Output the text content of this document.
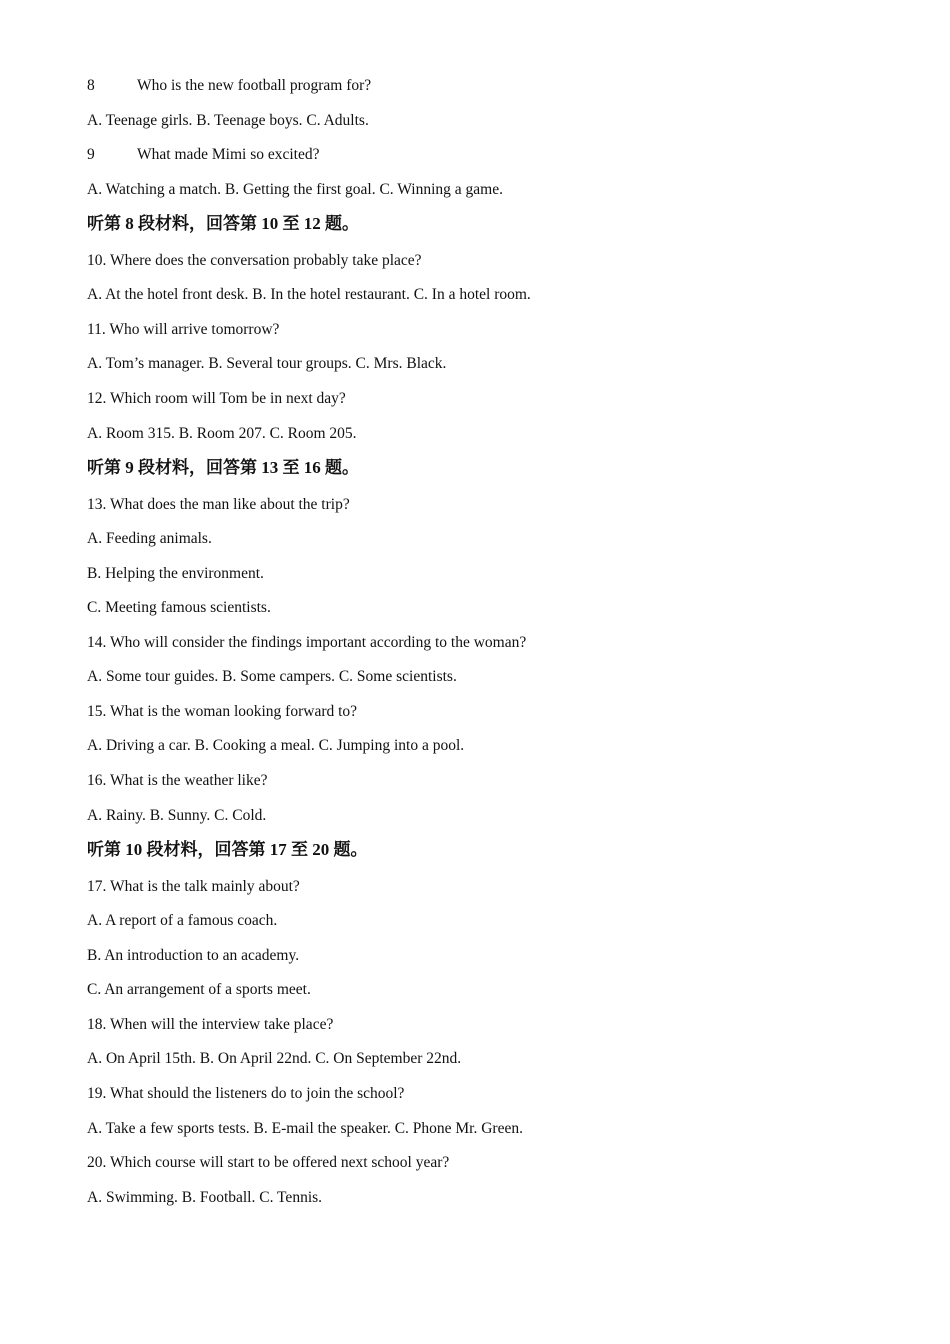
8	Who is the new football program for?
A. Teenage girls. B. Teenage boys. C. Adults.
9	What made Mimi so excited?
A. Watching a match. B. Getting the first goal. C. Winning a game.
听第 8 段材料，回答第 10 至 12 题。
10. Where does the conversation probably take place?
A. At the hotel front desk. B. In the hotel restaurant. C. In a hotel room.
11. Who will arrive tomorrow?
A. Tom’s manager. B. Several tour groups. C. Mrs. Black.
12. Which room will Tom be in next day?
A. Room 315. B. Room 207. C. Room 205.
听第 9 段材料，回答第 13 至 16 题。
13. What does the man like about the trip?
A. Feeding animals.
B. Helping the environment.
C. Meeting famous scientists.
14. Who will consider the findings important according to the woman?
A. Some tour guides. B. Some campers. C. Some scientists.
15. What is the woman looking forward to?
A. Driving a car. B. Cooking a meal. C. Jumping into a pool.
16. What is the weather like?
A. Rainy. B. Sunny. C. Cold.
听第 10 段材料，回答第 17 至 20 题。
17. What is the talk mainly about?
A. A report of a famous coach.
B. An introduction to an academy.
C. An arrangement of a sports meet.
18. When will the interview take place?
A. On April 15th. B. On April 22nd. C. On September 22nd.
19. What should the listeners do to join the school?
A. Take a few sports tests. B. E-mail the speaker. C. Phone Mr. Green.
20. Which course will start to be offered next school year?
A. Swimming. B. Football. C. Tennis.
